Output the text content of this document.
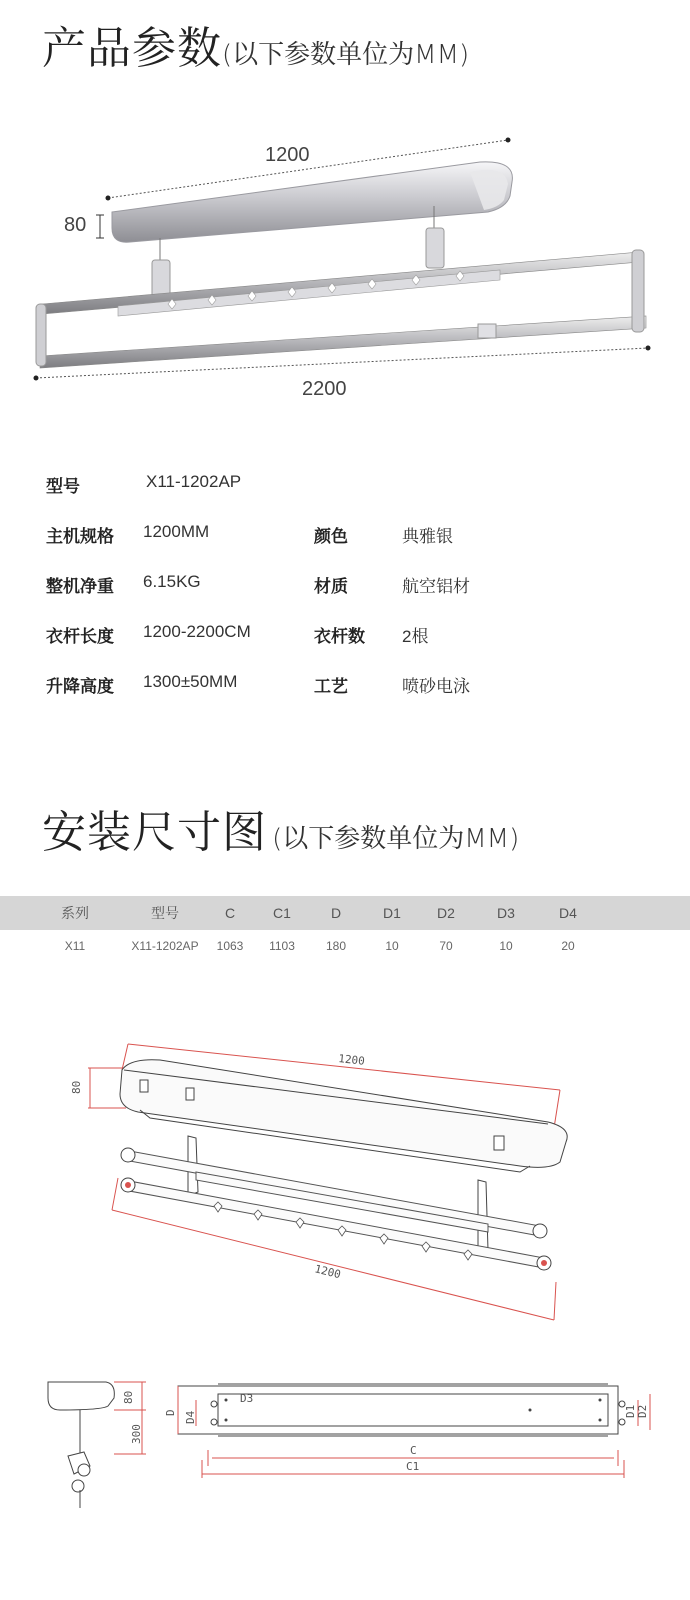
产品参数(以下参数单位为MM)
1200
80
2200
型号	X11-1202AP
主机规格 1200MM	颜色	典雅银
整机净重 6.15KG	材质	航空铝材
衣杆长度 1200-2200CM	衣杆数 2根
升降高度 1300±50MM	工艺	喷砂电泳
安装尺寸图 (以下参数单位为MM)
系列	型号	C	C1	D	D1	D2	D3	D4
X11	X11-1202AP	1063	1103	180	10	70	10	20
1200
80
1200
80
300
D
D3
D4	D1 D2
C
C1
